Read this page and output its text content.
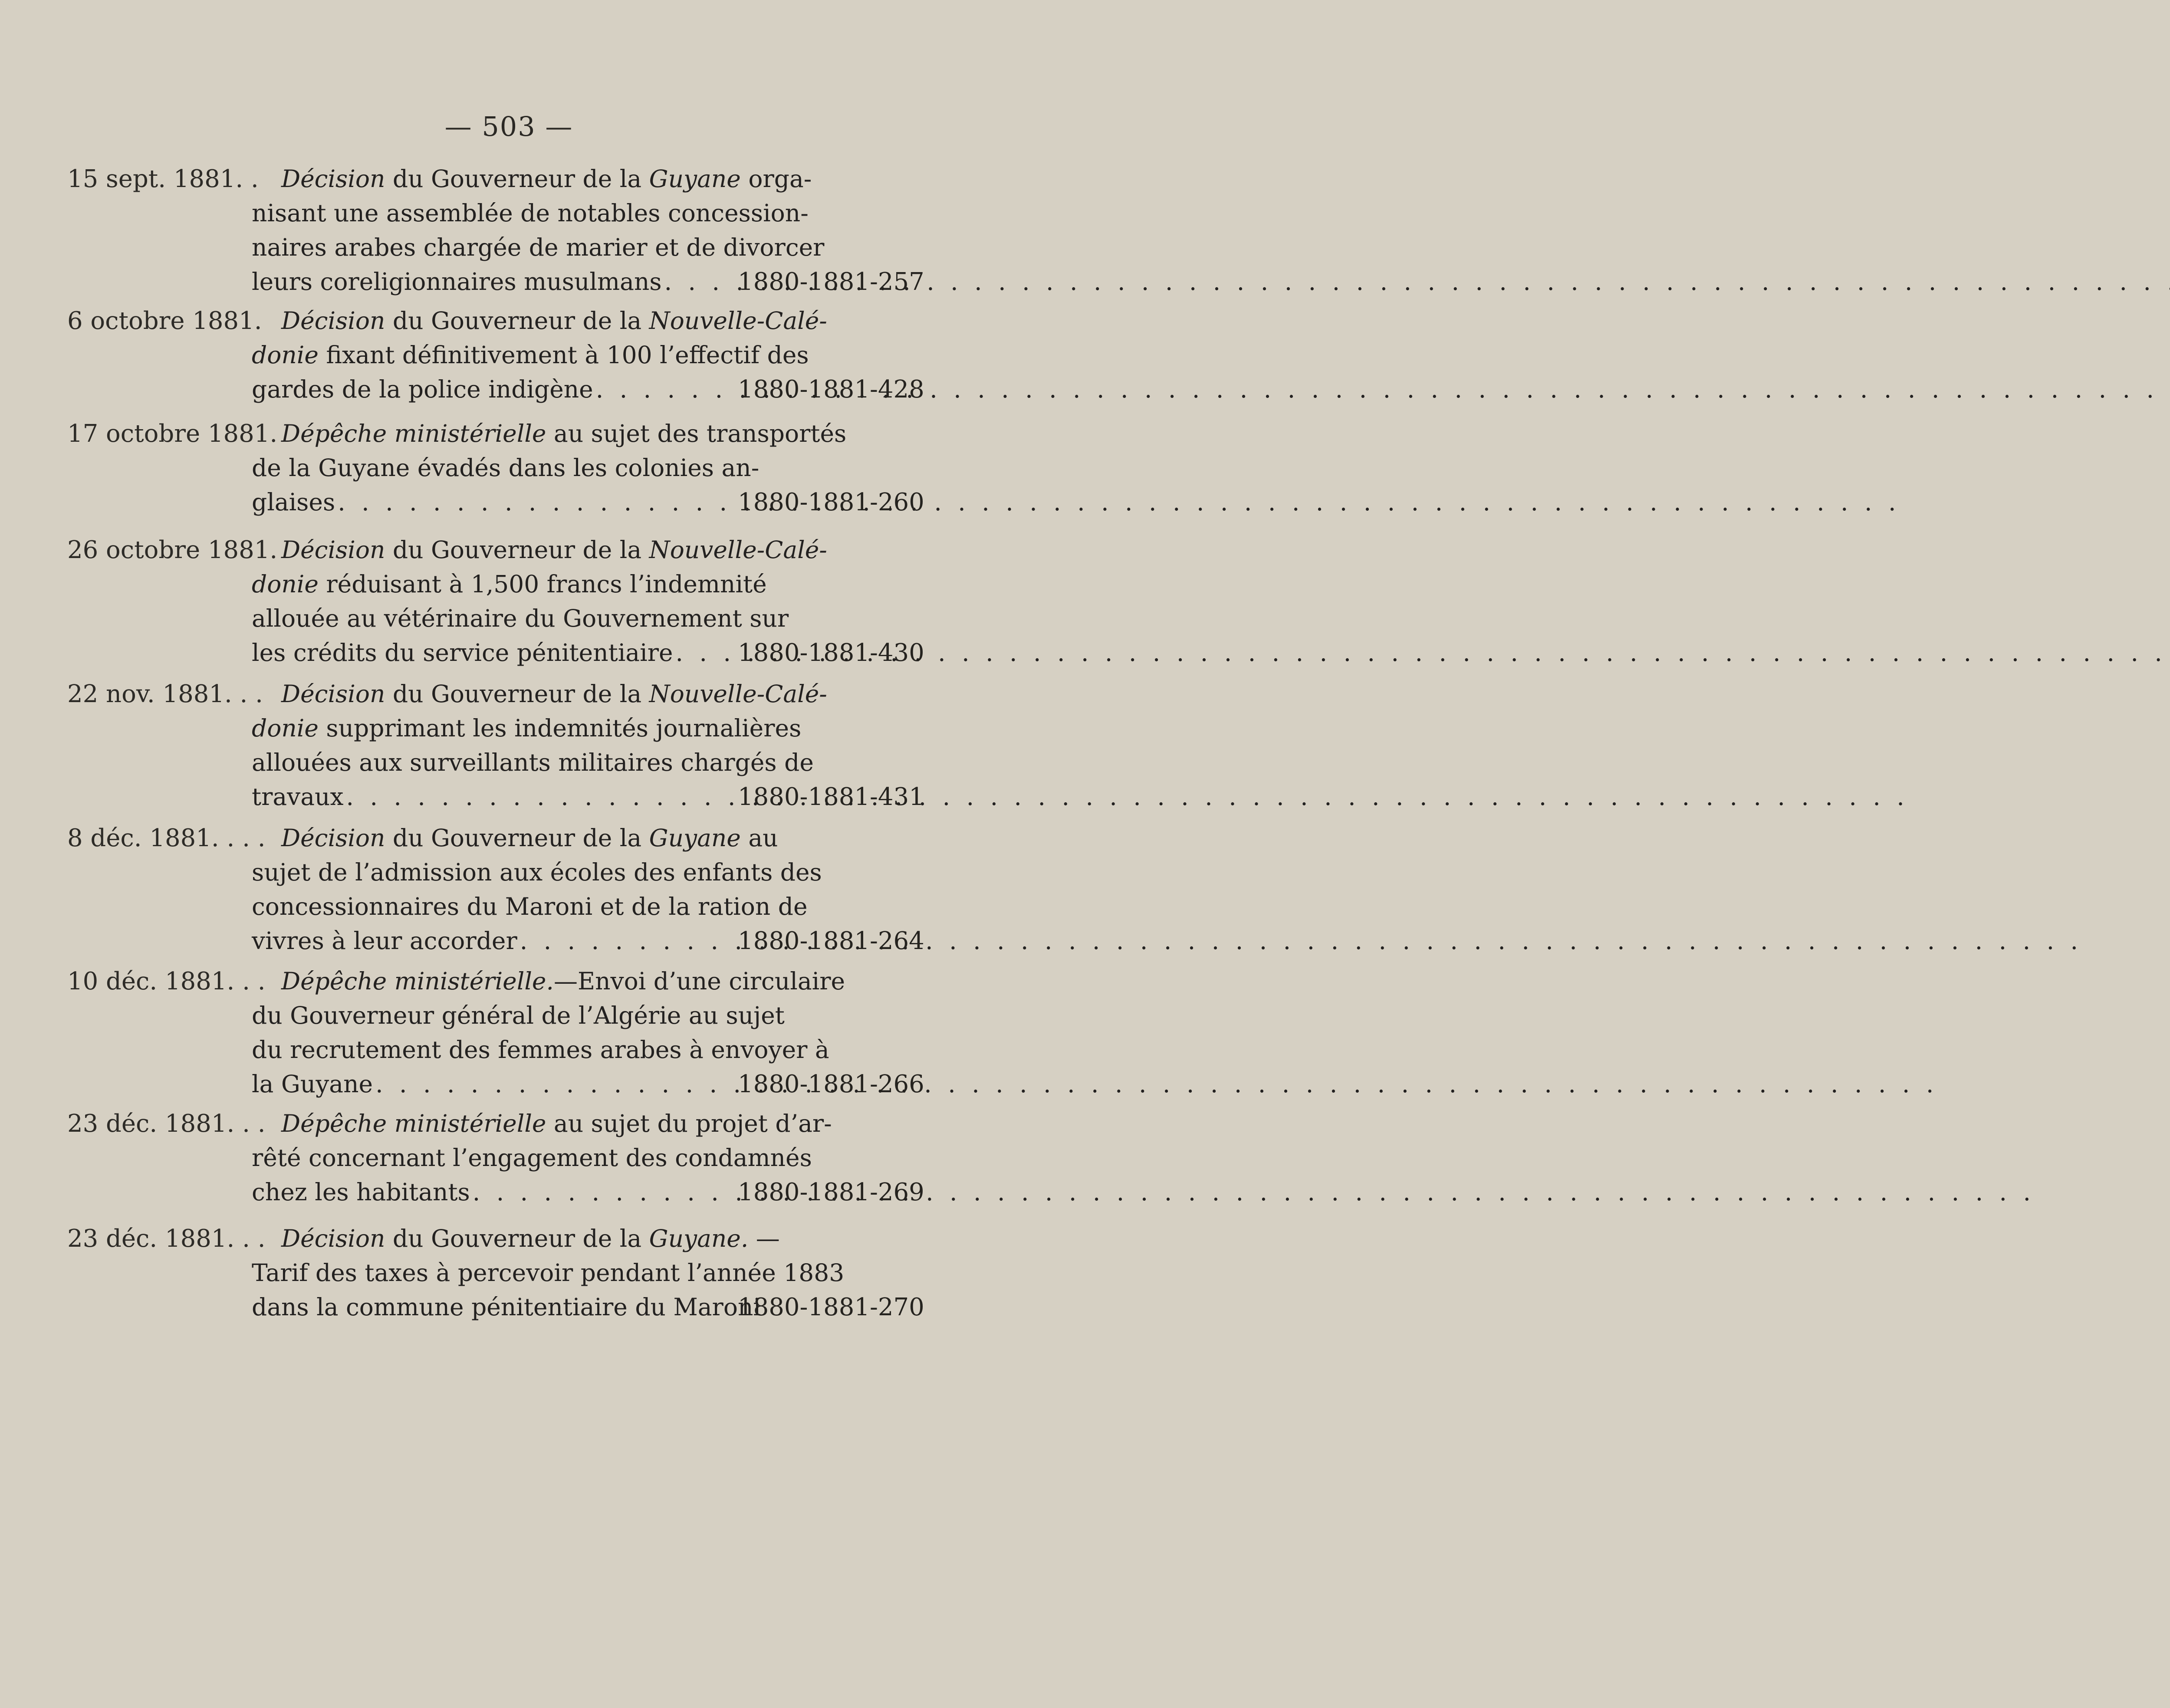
— 503 —
15 sept. 1881. . Décision du Gouverneur de la Guyane orga-
nisant une assemblée de notables concession-
naires arabes chargée de marier et de divorcer
leurs coreligionnaires musulmans . . .	1880-1881-257
6 octobre 1881. Décision du Gouverneur de la Nouvelle-Calé-
donie fixant définitivement à 100 l’effectif des
gardes de la police indigène . . .	1880-1881-428
17 octobre 1881. Dépêche ministérielle au sujet des transportés
de la Guyane évadés dans les colonies an-
glaises . . .	1880-1881-260
26 octobre 1881. Décision du Gouverneur de la Nouvelle-Calé-
donie réduisant à 1,500 francs l’indemnité
allouée au vétérinaire du Gouvernement sur
les crédits du service pénitentiaire . . .	1880-1881-430
22 nov. 1881. . . Décision du Gouverneur de la Nouvelle-Calé-
donie supprimant les indemnités journalières
allouées aux surveillants militaires chargés de
travaux . . .	1880-1881-431
8 déc. 1881. . . . Décision du Gouverneur de la Guyane au
sujet de l’admission aux écoles des enfants des
concessionnaires du Maroni et de la ration de
vivres à leur accorder . . .	1880-1881-264
10 déc. 1881. . . Dépêche ministérielle.—Envoi d’une circulaire
du Gouverneur général de l’Algérie au sujet
du recrutement des femmes arabes à envoyer à
la Guyane . . .	1880-1881-266
23 déc. 1881. . . Dépêche ministérielle au sujet du projet d’ar-
rêté concernant l’engagement des condamnés
chez les habitants . . .	1880-1881-269
23 déc. 1881. . . Décision du Gouverneur de la Guyane. —
Tarif des taxes à percevoir pendant l’année 1883
dans la commune pénitentiaire du Maroni
1880-1881-270
